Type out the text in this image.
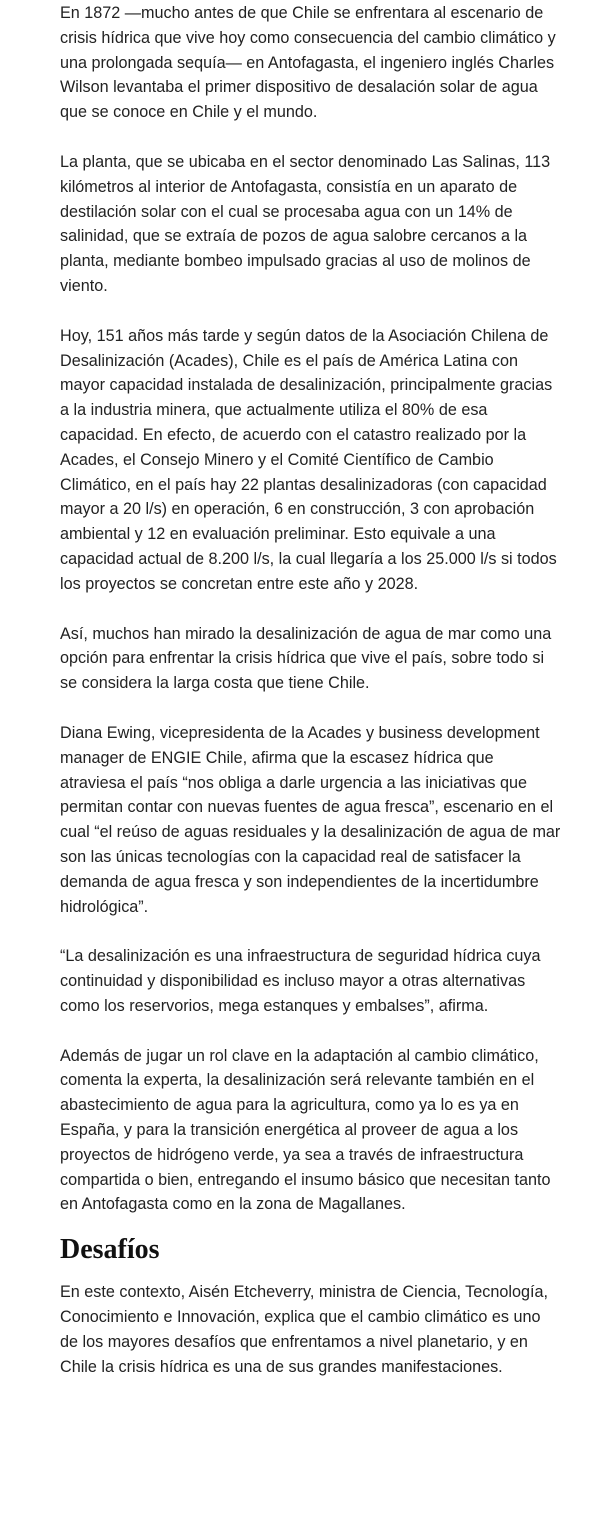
En 1872 —mucho antes de que Chile se enfrentara al escenario de crisis hídrica que vive hoy como consecuencia del cambio climático y una prolongada sequía— en Antofagasta, el ingeniero inglés Charles Wilson levantaba el primer dispositivo de desalación solar de agua que se conoce en Chile y el mundo.

La planta, que se ubicaba en el sector denominado Las Salinas, 113 kilómetros al interior de Antofagasta, consistía en un aparato de destilación solar con el cual se procesaba agua con un 14% de salinidad, que se extraía de pozos de agua salobre cercanos a la planta, mediante bombeo impulsado gracias al uso de molinos de viento.

Hoy, 151 años más tarde y según datos de la Asociación Chilena de Desalinización (Acades), Chile es el país de América Latina con mayor capacidad instalada de desalinización, principalmente gracias a la industria minera, que actualmente utiliza el 80% de esa capacidad. En efecto, de acuerdo con el catastro realizado por la Acades, el Consejo Minero y el Comité Científico de Cambio Climático, en el país hay 22 plantas desalinizadoras (con capacidad mayor a 20 l/s) en operación, 6 en construcción, 3 con aprobación ambiental y 12 en evaluación preliminar. Esto equivale a una capacidad actual de 8.200 l/s, la cual llegaría a los 25.000 l/s si todos los proyectos se concretan entre este año y 2028.

Así, muchos han mirado la desalinización de agua de mar como una opción para enfrentar la crisis hídrica que vive el país, sobre todo si se considera la larga costa que tiene Chile.

Diana Ewing, vicepresidenta de la Acades y business development manager de ENGIE Chile, afirma que la escasez hídrica que atraviesa el país “nos obliga a darle urgencia a las iniciativas que permitan contar con nuevas fuentes de agua fresca”, escenario en el cual “el reúso de aguas residuales y la desalinización de agua de mar son las únicas tecnologías con la capacidad real de satisfacer la demanda de agua fresca y son independientes de la incertidumbre hidrológica”.

“La desalinización es una infraestructura de seguridad hídrica cuya continuidad y disponibilidad es incluso mayor a otras alternativas como los reservorios, mega estanques y embalses”, afirma.

Además de jugar un rol clave en la adaptación al cambio climático, comenta la experta, la desalinización será relevante también en el abastecimiento de agua para la agricultura, como ya lo es ya en España, y para la transición energética al proveer de agua a los proyectos de hidrógeno verde, ya sea a través de infraestructura compartida o bien, entregando el insumo básico que necesitan tanto en Antofagasta como en la zona de Magallanes.

Desafíos

En este contexto, Aisén Etcheverry, ministra de Ciencia, Tecnología, Conocimiento e Innovación, explica que el cambio climático es uno de los mayores desafíos que enfrentamos a nivel planetario, y en Chile la crisis hídrica es una de sus grandes manifestaciones.
